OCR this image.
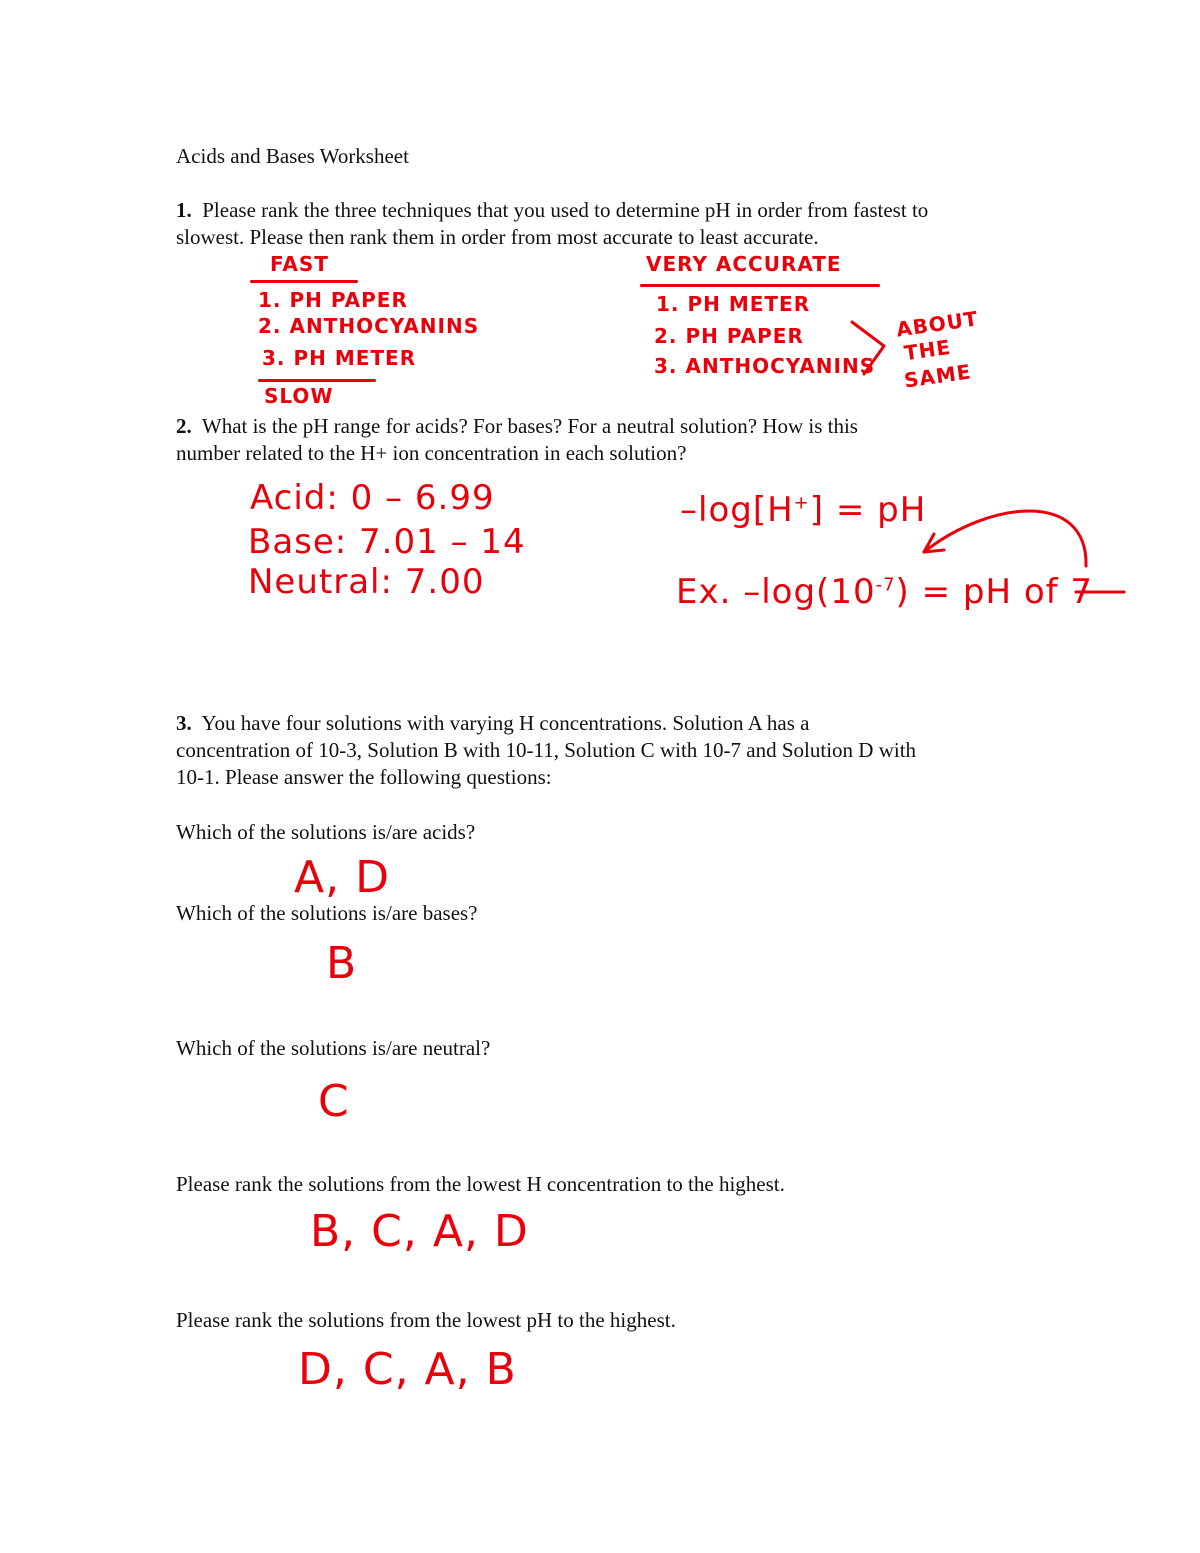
Acids and Bases Worksheet
1. Please rank the three techniques that you used to determine pH in order from fastest to
slowest. Please then rank them in order from most accurate to least accurate.
FAST
1. PH PAPER
2. ANTHOCYANINS
3. PH METER
SLOW
VERY ACCURATE
1. PH METER
2. PH PAPER
3. ANTHOCYANINS
ABOUT
THE
SAME
2. What is the pH range for acids? For bases? For a neutral solution? How is this
number related to the H+ ion concentration in each solution?
Acid: 0 – 6.99
Base: 7.01 – 14
Neutral: 7.00
–log[H+] = pH
Ex. $-\log(10^{-7})$ = pH of 7
3. You have four solutions with varying H concentrations. Solution A has a
concentration of 10-3, Solution B with 10-11, Solution C with 10-7 and Solution D with
10-1. Please answer the following questions:
Which of the solutions is/are acids?
A, D
Which of the solutions is/are bases?
B
Which of the solutions is/are neutral?
C
Please rank the solutions from the lowest H concentration to the highest.
B, C, A, D
Please rank the solutions from the lowest pH to the highest.
D, C, A, B
